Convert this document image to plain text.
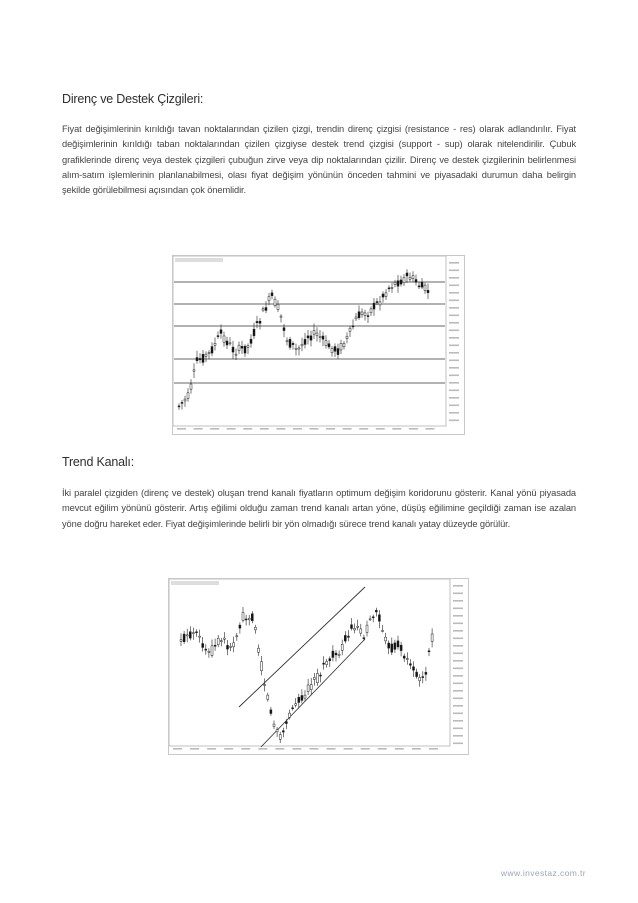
Direnç ve Destek Çizgileri:
Fiyat değişimlerinin kırıldığı tavan noktalarından çizilen çizgi, trendin direnç çizgisi (resistance - res) olarak adlandırılır. Fiyat değişimlerinin kırıldığı taban noktalarından çizilen çizgiyse destek trend çizgisi (support - sup) olarak nitelendirilir. Çubuk grafiklerinde direnç veya destek çizgileri çubuğun zirve veya dip noktalarından çizilir. Direnç ve destek çizgilerinin belirlenmesi alım-satım işlemlerinin planlanabilmesi, olası fiyat değişim yönünün önceden tahmini ve piyasadaki durumun daha belirgin şekilde görülebilmesi açısından çok önemlidir.
Trend Kanalı:
İki paralel çizgiden (direnç ve destek) oluşan trend kanalı fiyatların optimum değişim koridorunu gösterir. Kanal yönü piyasada mevcut eğilim yönünü gösterir. Artış eğilimi olduğu zaman trend kanalı artan yöne, düşüş eğilimine geçildiği zaman ise azalan yöne doğru hareket eder. Fiyat değişimlerinde belirli bir yön olmadığı sürece trend kanalı yatay düzeyde görülür.
www.investaz.com.tr
